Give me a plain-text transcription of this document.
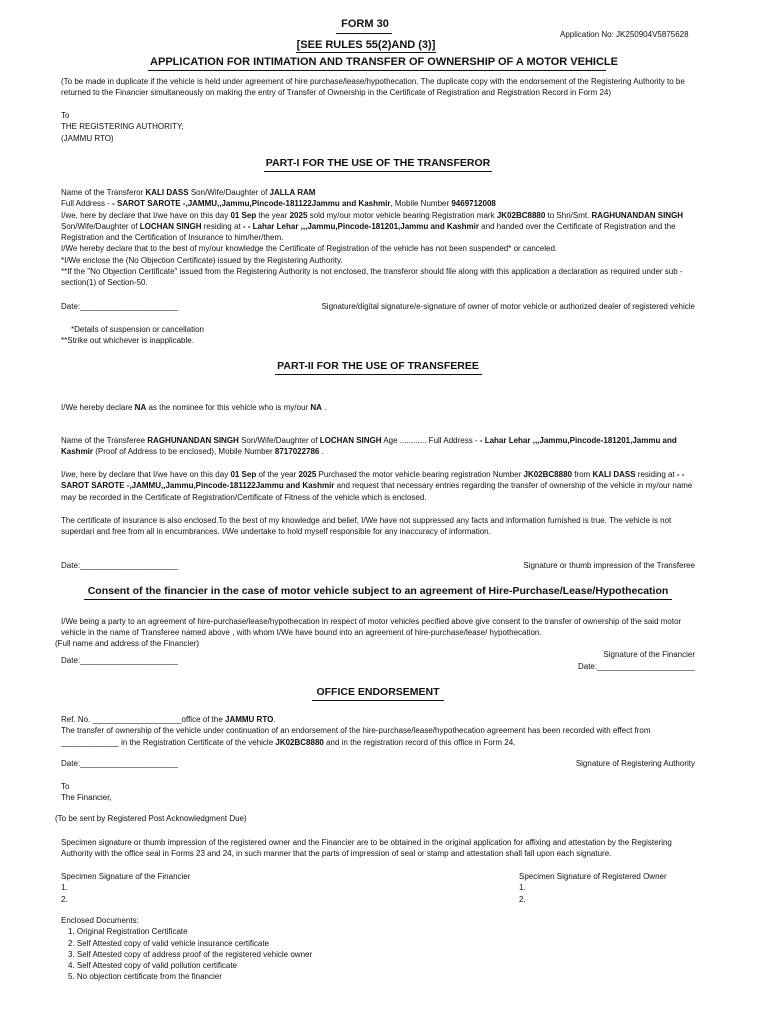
FORM 30
Application No: JK250904V5875628
[SEE RULES 55(2)AND (3)]
APPLICATION FOR INTIMATION AND TRANSFER OF OWNERSHIP OF A MOTOR VEHICLE
(To be made in duplicate if the vehicle is held under agreement of hire purchase/lease/hypothecation. The duplicate copy with the endorsement of the Registering Authority to be
returned to the Financier simultaneously on making the entry of Transfer of Ownership in the Certificate of Registration and Registration Record in Form 24)
To
THE REGISTERING AUTHORITY,
(JAMMU RTO)
PART-I FOR THE USE OF THE TRANSFEROR
Name of the Transferor KALI DASS Son/Wife/Daughter of JALLA RAM
Full Address - - SAROT SAROTE -,JAMMU,,Jammu,Pincode-181122Jammu and Kashmir, Mobile Number 9469712008
I/we, here by declare that I/we have on this day 01 Sep the year 2025 sold my/our motor vehicle bearing Registration mark JK02BC8880 to Shri/Smt. RAGHUNANDAN SINGH
Son/Wife/Daughter of LOCHAN SINGH residing at - - Lahar Lehar ,,,Jammu,Pincode-181201,Jammu and Kashmir and handed over the Certificate of Registration and the
Registration and the Certification of Insurance to him/her/them.
I/We hereby declare that to the best of my/our knowledge the Certificate of Registration of the vehicle has not been suspended* or canceled.
*I/We enclose the (No Objection Certificate) issued by the Registering Authority.
**If the "No Objection Certificate" issued from the Registering Authority is not enclosed, the transferor should file along with this application a declaration as required under sub -
section(1) of Section-50.
Date:______________________	Signature/digital signature/e-signature of owner of motor vehicle or authorized dealer of registered vehicle
*Details of suspension or cancellation
**Strike out whichever is inapplicable.
PART-II FOR THE USE OF TRANSFEREE
I/We hereby declare NA as the nominee for this vehicle who is my/our NA .
Name of the Transferee RAGHUNANDAN SINGH Son/Wife/Daughter of LOCHAN SINGH Age ............ Full Address - - Lahar Lehar ,,,Jammu,Pincode-181201,Jammu and
Kashmir (Proof of Address to be enclosed), Mobile Number 8717022786 .
I/we, here by declare that I/we have on this day 01 Sep of the year 2025 Purchased the motor vehicle bearing registration Number JK02BC8880 from KALI DASS residing at - -
SAROT SAROTE -,JAMMU,,Jammu,Pincode-181122Jammu and Kashmir and request that necessary entries regarding the transfer of ownership of the vehicle in my/our name
may be recorded in the Certificate of Registration/Certificate of Fitness of the vehicle which is enclosed.
The certificate of insurance is also enclosed.To the best of my knowledge and belief, I/We have not suppressed any facts and information furnished is true. The vehicle is not
superdari and free from all in encumbrances. I/We undertake to hold myself responsible for any inaccuracy of information.
Date:______________________	Signature or thumb impression of the Transferee
Consent of the financier in the case of motor vehicle subject to an agreement of Hire-Purchase/Lease/Hypothecation
I/We being a party to an agreement of hire-purchase/lease/hypothecation in respect of motor vehicles pecified above give consent to the transfer of ownership of the said motor
vehicle in the name of Transferee named above , with whom I/We have bound into an agreement of hire-purchase/lease/ hypothecation.
(Full name and address of the Financier)
Date:______________________
Signature of the Financier
Date:______________________
OFFICE ENDORSEMENT
Ref. No. ____________________office of the JAMMU RTO.
The transfer of ownership of the vehicle under continuation of an endorsement of the hire-purchase/lease/hypothecation agreement has been recorded with effect from
_____________ in the Registration Certificate of the vehicle JK02BC8880 and in the registration record of this office in Form 24.
Date:______________________	Signature of Registering Authority
To
The Financier,
(To be sent by Registered Post Acknowledgment Due)
Specimen signature or thumb impression of the registered owner and the Financier are to be obtained in the original application for affixing and attestation by the Registering
Authority with the office seal in Forms 23 and 24, in such manner that the parts of impression of seal or stamp and attestation shall fall upon each signature.
Specimen Signature of the Financier
1.
2.
Specimen Signature of Registered Owner
1.
2.
Enclosed Documents:
1. Original Registration Certificate
2. Self Attested copy of valid vehicle insurance certificate
3. Self Attested copy of address proof of the registered vehicle owner
4. Self Attested copy of valid pollution certificate
5. No objection certificate from the financier
